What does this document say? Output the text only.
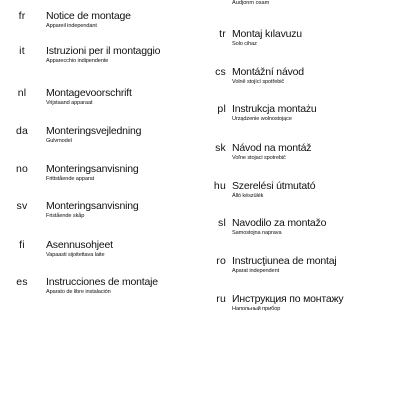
Audjonm osam
fr	Notice de montage
Appareil independant
it	Istruzioni per il montaggio
Apparecchio indipendente
nl	Montagevoorschrift
Vrijstaand apparaat
da	Monteringsvejledning
Gulvmodel
no	Monteringsanvisning
Frittstående apparat
sv	Monteringsanvisning
Fristående skåp
fi	Asennusohjeet
Vapaasti sijoitettava laite
es	Instrucciones de montaje
Aparato de libre instalación
tr Montaj kılavuzu
Solo cihaz
cs Montážní návod
Volně stojící spotřebič
pl Instrukcja montażu
Urządzenie wolnostojące
sk Návod na montáž
Voľne stojaci spotrebič
hu Szerelési útmutató
Álló készülék
sl Navodilo za montažo
Samostojna naprava
ro Instrucţiunea de montaj
Aparat independent
ru Инструкция по монтажу
Напольный прибор
